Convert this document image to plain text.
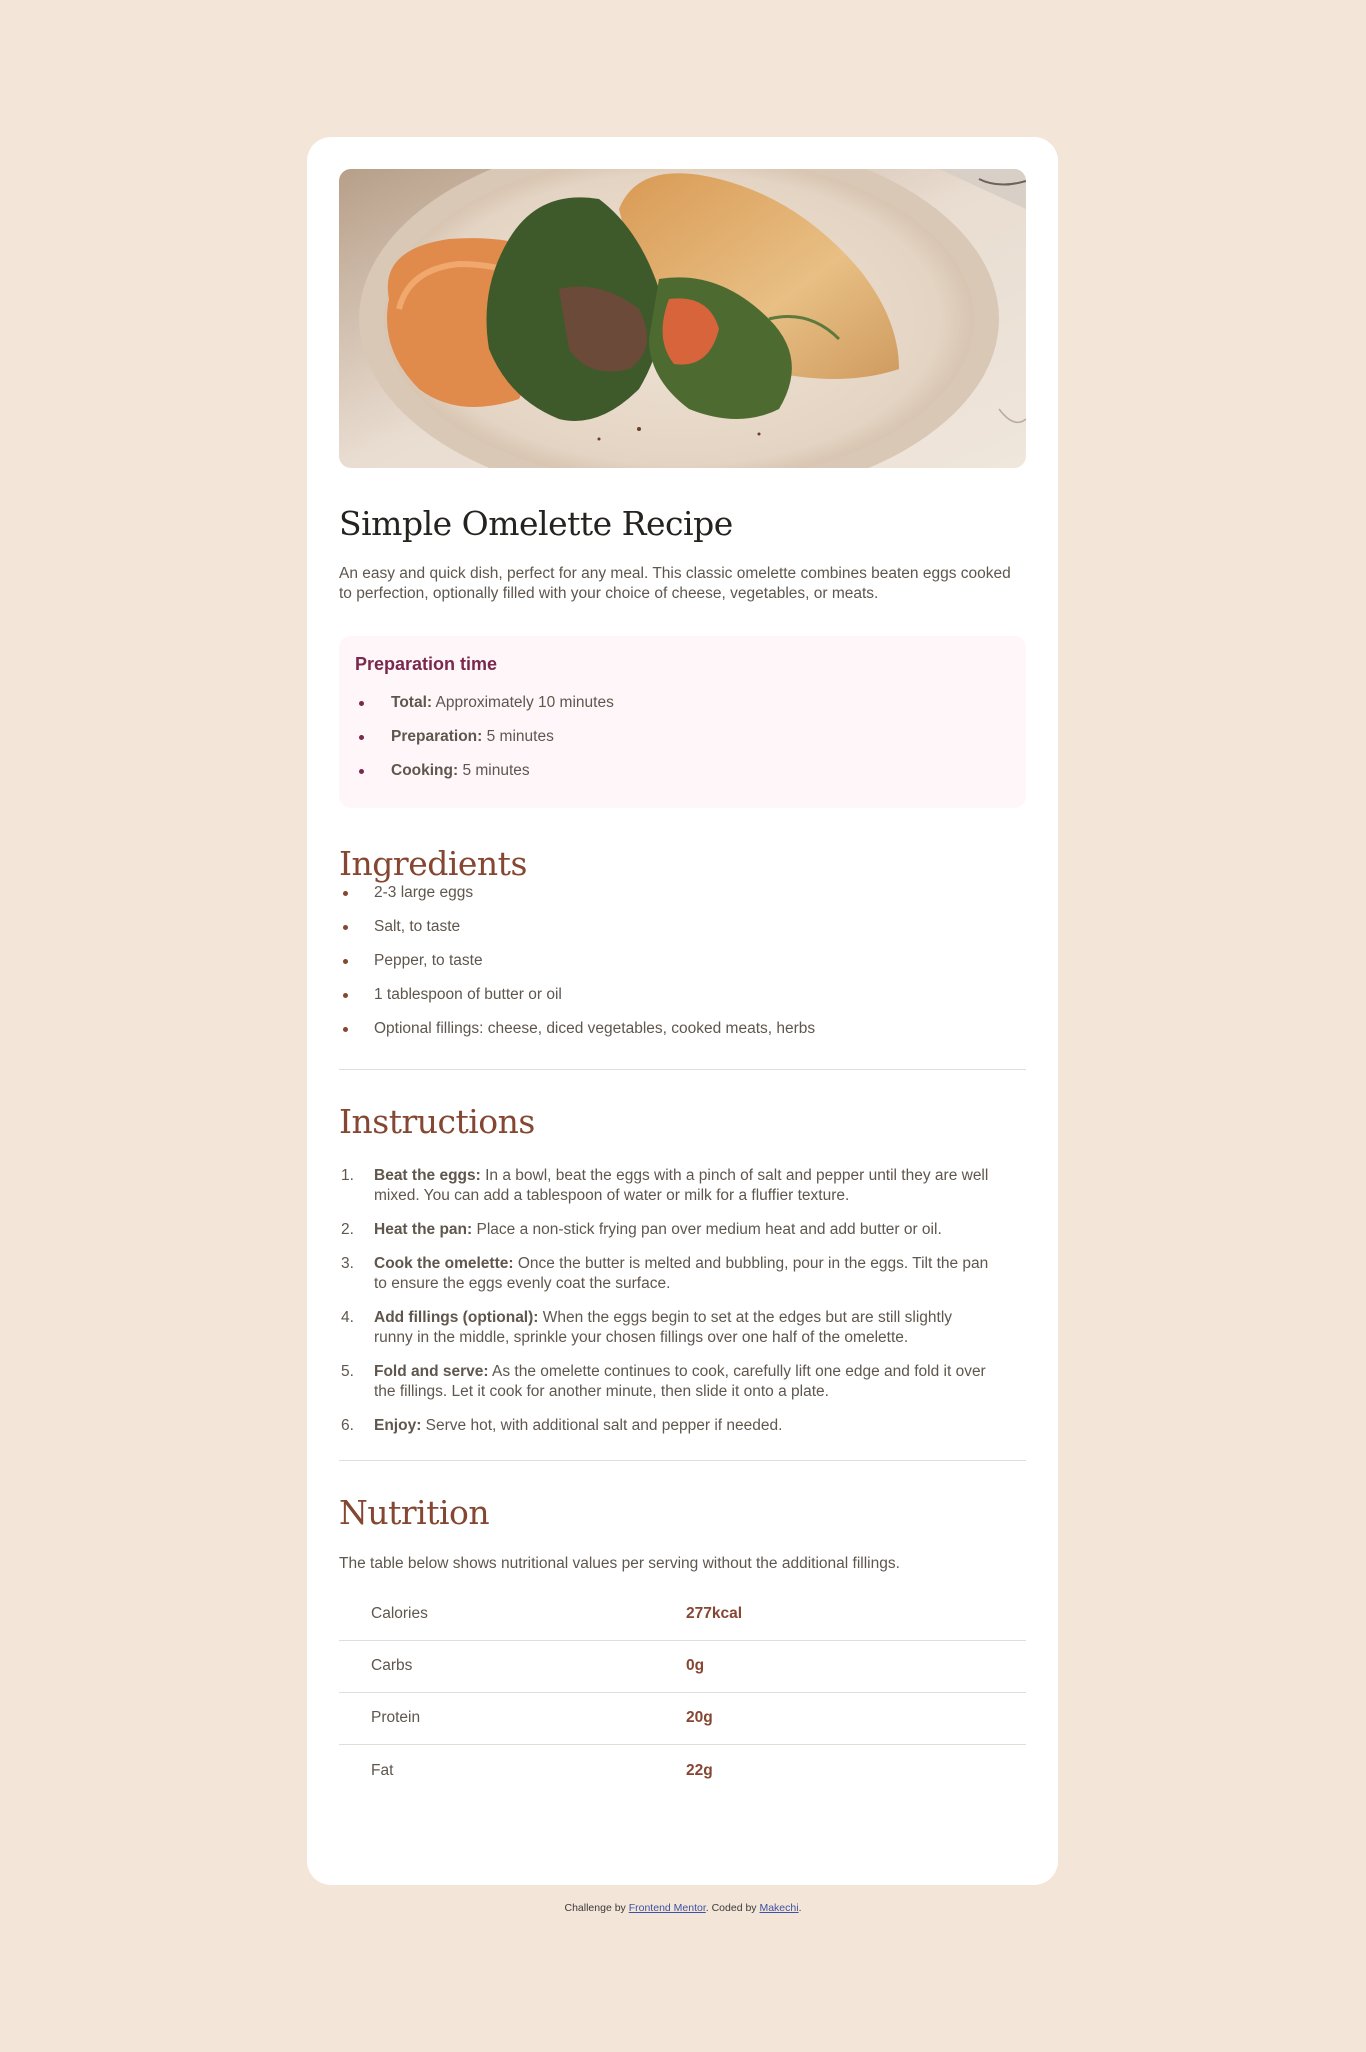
Simple Omelette Recipe

An easy and quick dish, perfect for any meal. This classic omelette combines beaten eggs cooked to perfection, optionally filled with your choice of cheese, vegetables, or meats.

Preparation time
Total: Approximately 10 minutes
Preparation: 5 minutes
Cooking: 5 minutes
Ingredients
2-3 large eggs
Salt, to taste
Pepper, to taste
1 tablespoon of butter or oil
Optional fillings: cheese, diced vegetables, cooked meats, herbs
Instructions
1. Beat the eggs: In a bowl, beat the eggs with a pinch of salt and pepper until they are well mixed. You can add a tablespoon of water or milk for a fluffier texture.
2. Heat the pan: Place a non-stick frying pan over medium heat and add butter or oil.
3. Cook the omelette: Once the butter is melted and bubbling, pour in the eggs. Tilt the pan to ensure the eggs evenly coat the surface.
4. Add fillings (optional): When the eggs begin to set at the edges but are still slightly runny in the middle, sprinkle your chosen fillings over one half of the omelette.
5. Fold and serve: As the omelette continues to cook, carefully lift one edge and fold it over the fillings. Let it cook for another minute, then slide it onto a plate.
6. Enjoy: Serve hot, with additional salt and pepper if needed.
Nutrition

The table below shows nutritional values per serving without the additional fillings.

Calories	277kcal
Carbs	0g
Protein	20g
Fat	22g
Challenge by Frontend Mentor. Coded by Makechi.
